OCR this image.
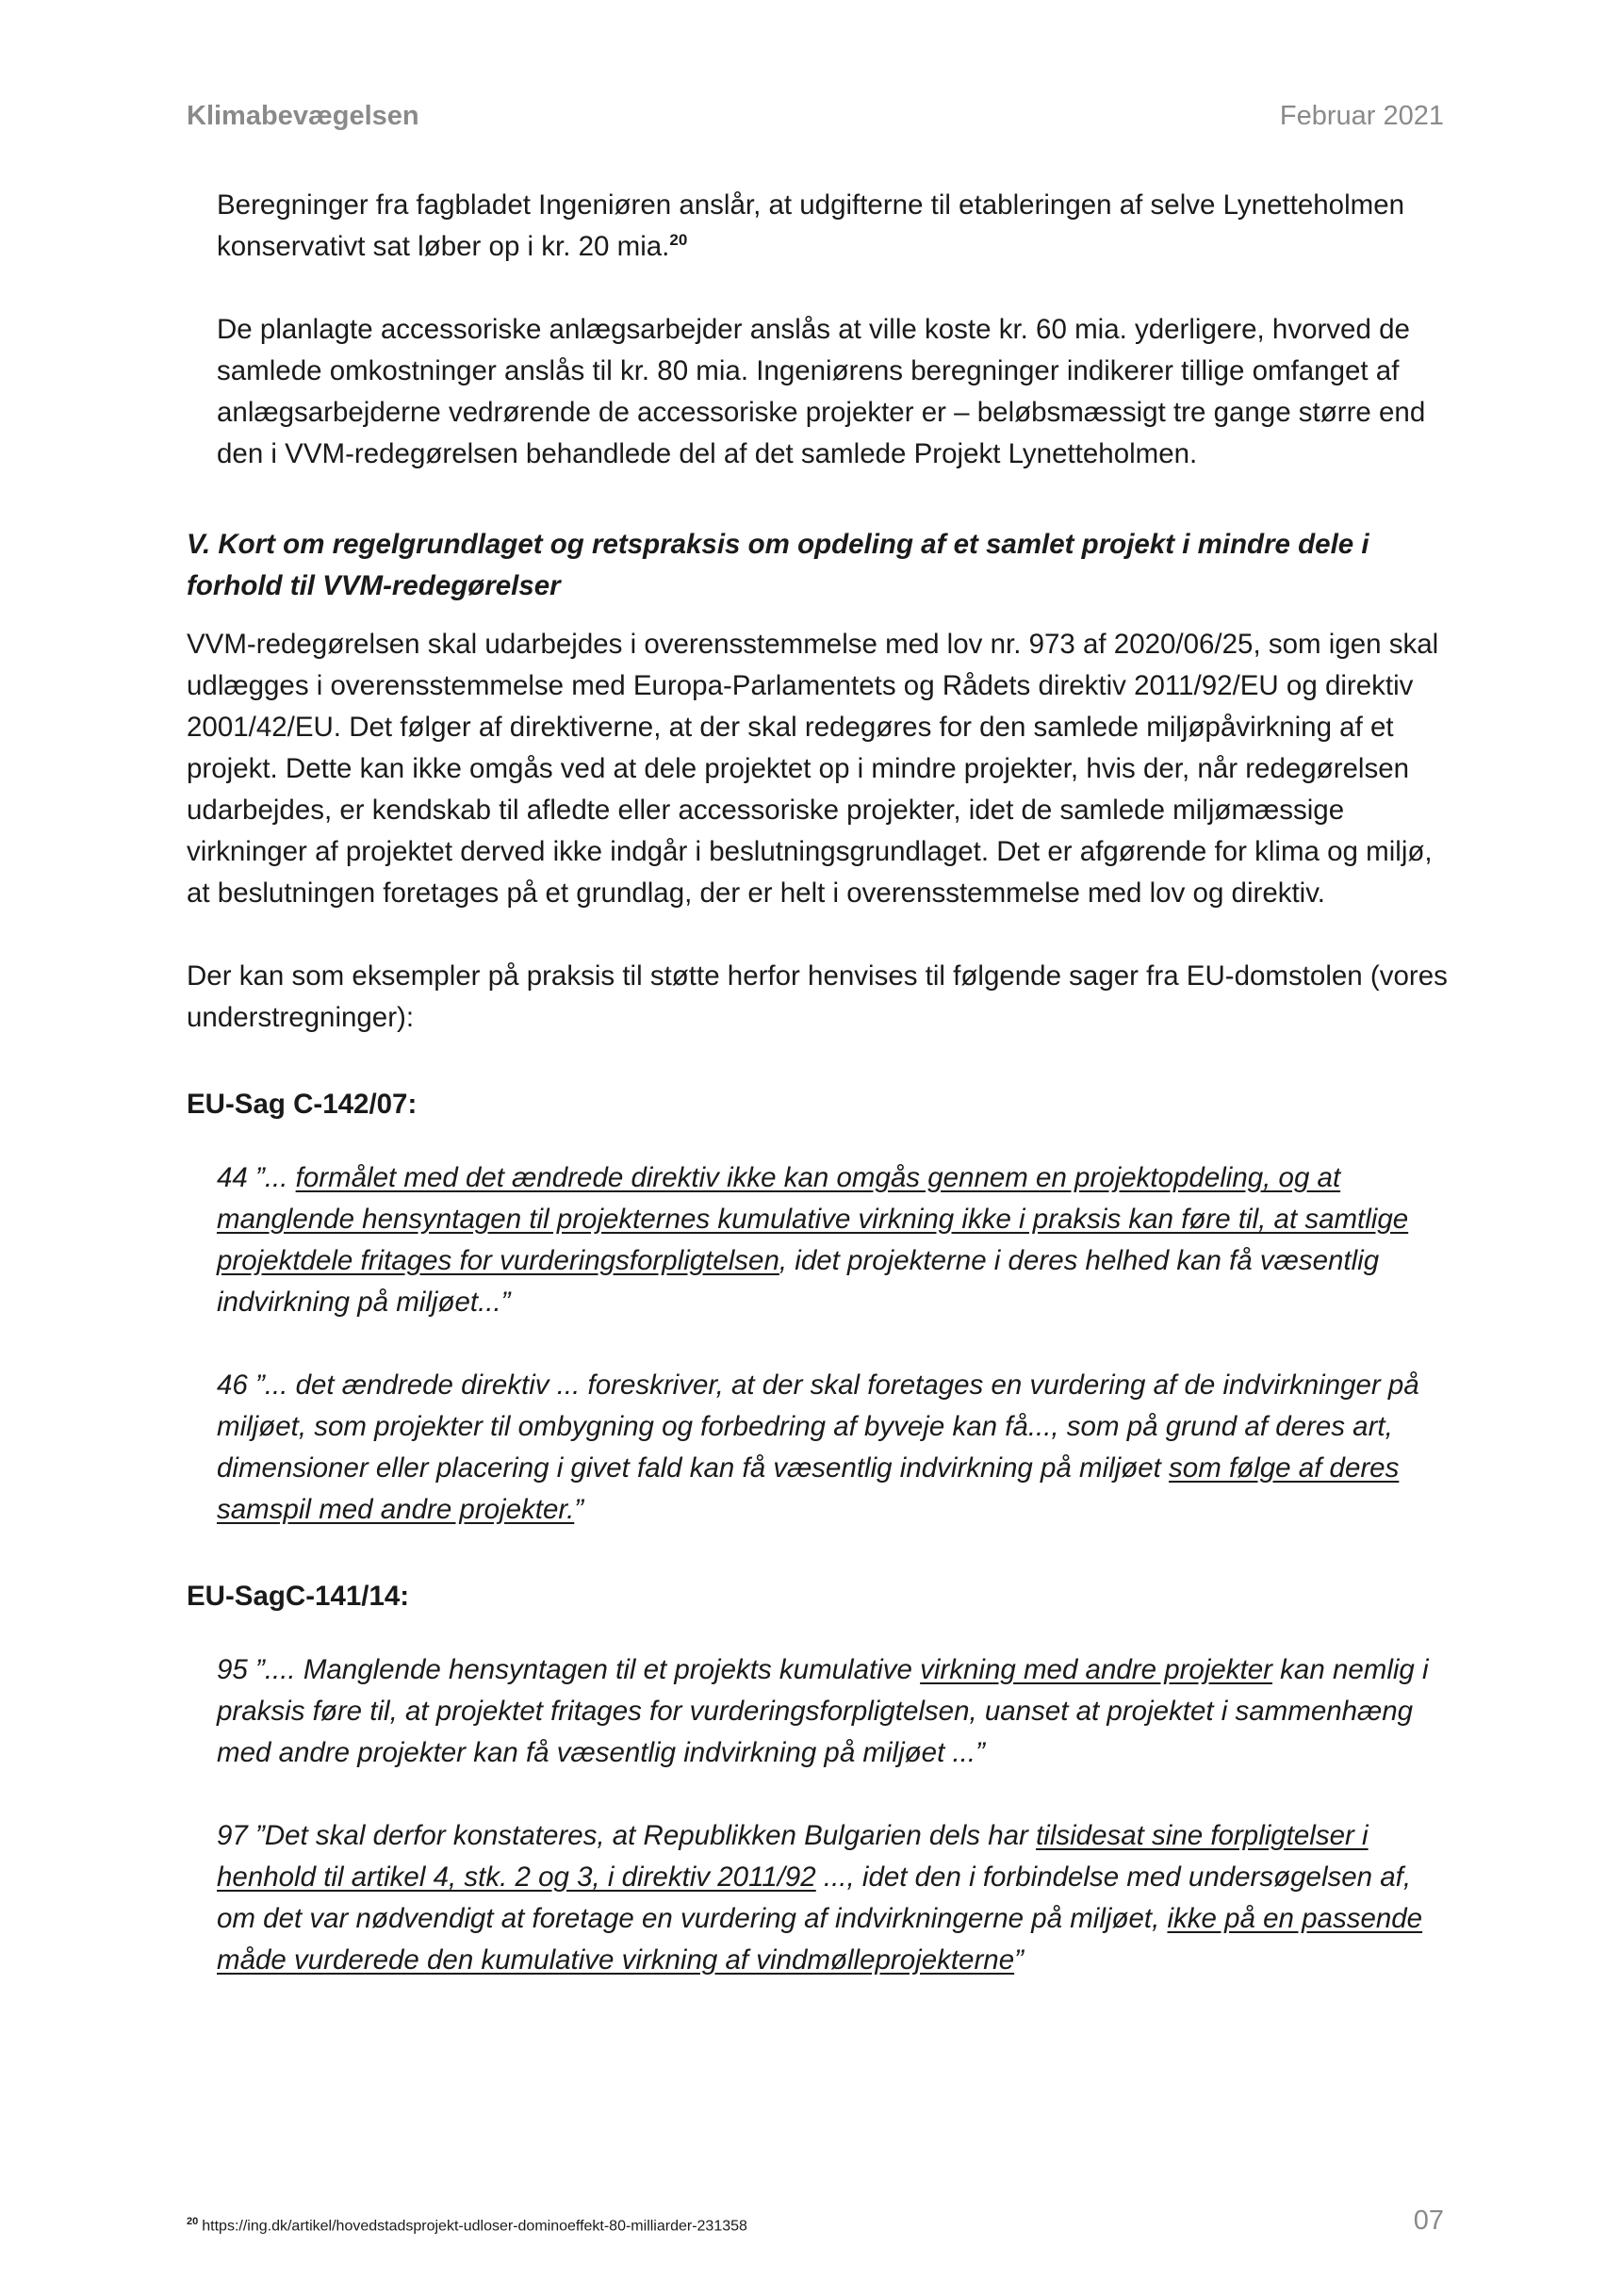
Klimabevægelsen	Februar 2021

Beregninger fra fagbladet Ingeniøren anslår, at udgifterne til etableringen af selve Lynetteholmen konservativt sat løber op i kr. 20 mia.$^{20}$

De planlagte accessoriske anlægsarbejder anslås at ville koste kr. 60 mia. yderligere, hvorved de samlede omkostninger anslås til kr. 80 mia. Ingeniørens beregninger indikerer tillige omfanget af anlægsarbejderne vedrørende de accessoriske projekter er – beløbsmæssigt tre gange større end den i VVM-redegørelsen behandlede del af det samlede Projekt Lynetteholmen.

V. Kort om regelgrundlaget og retspraksis om opdeling af et samlet projekt i mindre dele i forhold til VVM-redegørelser

VVM-redegørelsen skal udarbejdes i overensstemmelse med lov nr. 973 af 2020/06/25, som igen skal udlægges i overensstemmelse med Europa-Parlamentets og Rådets direktiv 2011/92/EU og direktiv 2001/42/EU. Det følger af direktiverne, at der skal redegøres for den samlede miljøpåvirkning af et projekt. Dette kan ikke omgås ved at dele projektet op i mindre projekter, hvis der, når redegørelsen udarbejdes, er kendskab til afledte eller accessoriske projekter, idet de samlede miljømæssige virkninger af projektet derved ikke indgår i beslutningsgrundlaget. Det er afgørende for klima og miljø, at beslutningen foretages på et grundlag, der er helt i overensstemmelse med lov og direktiv.

Der kan som eksempler på praksis til støtte herfor henvises til følgende sager fra EU-domstolen (vores understregninger):

EU-Sag C-142/07:

44 ”... formålet med det ændrede direktiv ikke kan omgås gennem en projektopdeling, og at manglende hensyntagen til projekternes kumulative virkning ikke i praksis kan føre til, at samtlige projektdele fritages for vurderingsforpligtelsen, idet projekterne i deres helhed kan få væsentlig indvirkning på miljøet...”

46 ”... det ændrede direktiv ... foreskriver, at der skal foretages en vurdering af de indvirkninger på miljøet, som projekter til ombygning og forbedring af byveje kan få..., som på grund af deres art, dimensioner eller placering i givet fald kan få væsentlig indvirkning på miljøet som følge af deres samspil med andre projekter.”

EU-SagC-141/14:

95 ”.... Manglende hensyntagen til et projekts kumulative virkning med andre projekter kan nemlig i praksis føre til, at projektet fritages for vurderingsforpligtelsen, uanset at projektet i sammenhæng med andre projekter kan få væsentlig indvirkning på miljøet ...”

97 ”Det skal derfor konstateres, at Republikken Bulgarien dels har tilsidesat sine forpligtelser i henhold til artikel 4, stk. 2 og 3, i direktiv 2011/92 ..., idet den i forbindelse med undersøgelsen af, om det var nødvendigt at foretage en vurdering af indvirkningerne på miljøet, ikke på en passende måde vurderede den kumulative virkning af vindmølleprojekterne”

$^{20}$ https://ing.dk/artikel/hovedstadsprojekt-udloser-dominoeffekt-80-milliarder-231358	07
